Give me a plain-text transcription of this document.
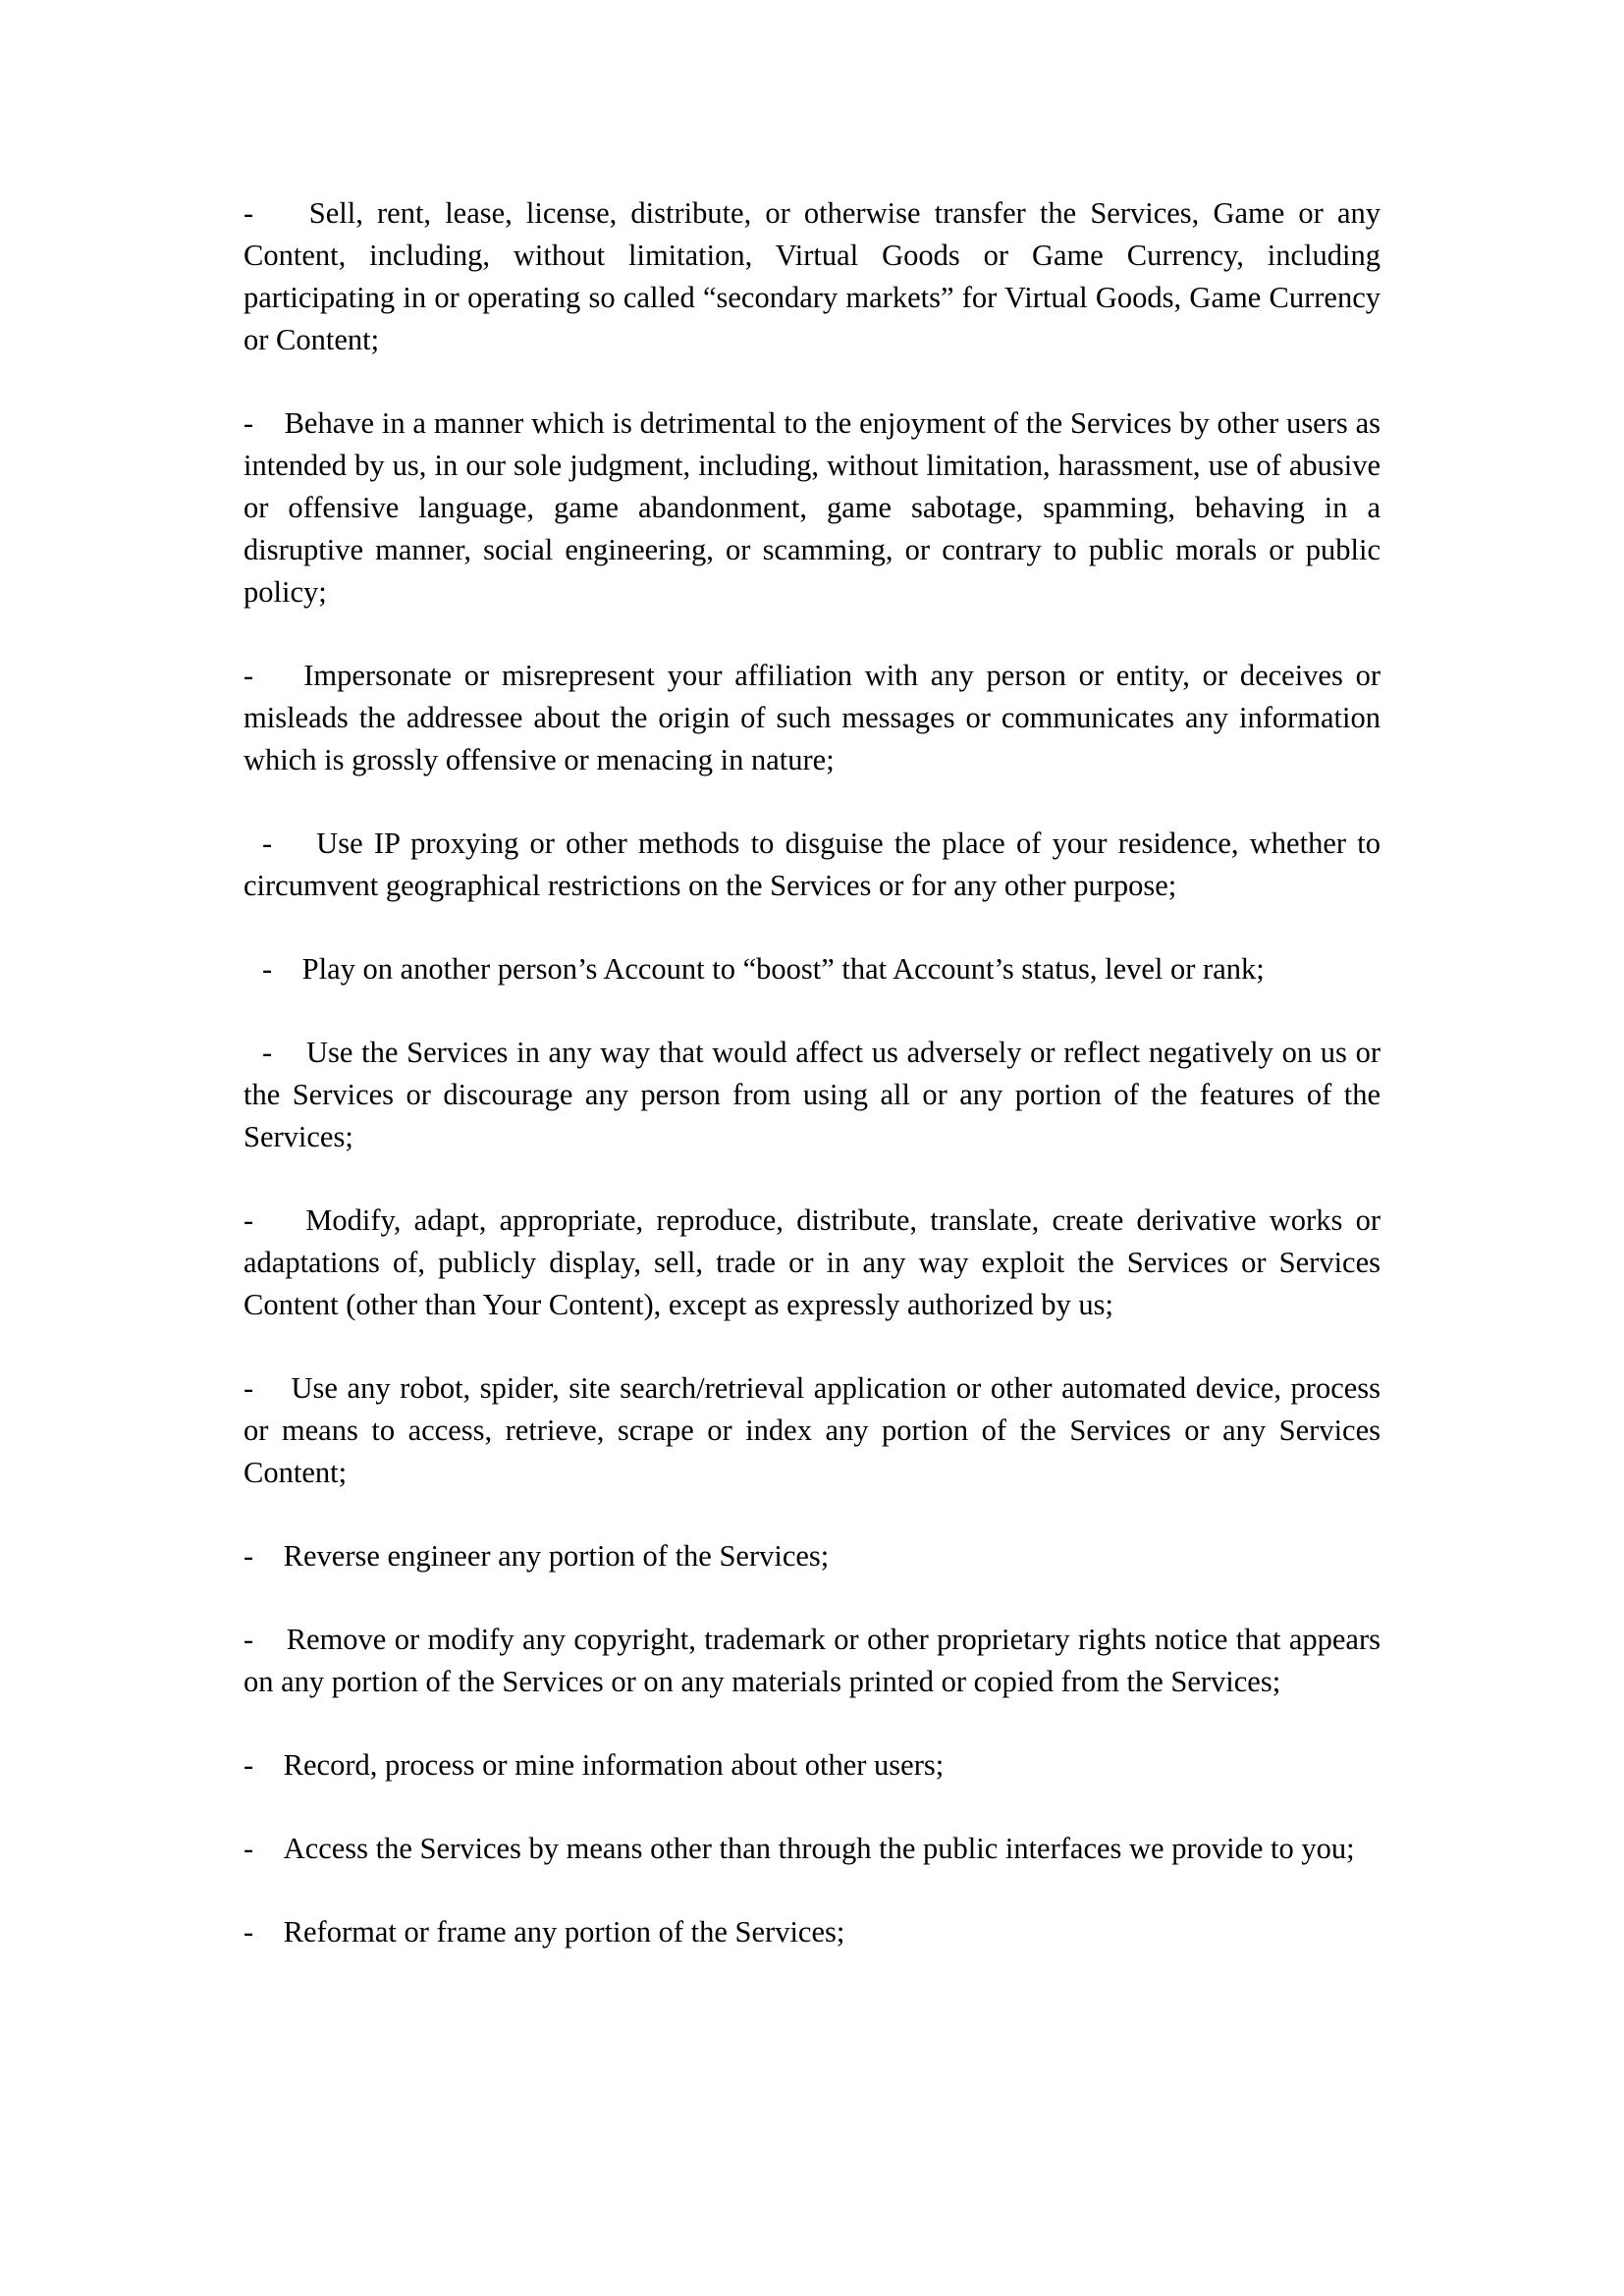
- Sell, rent, lease, license, distribute, or otherwise transfer the Services, Game or any Content, including, without limitation, Virtual Goods or Game Currency, including participating in or operating so called “secondary markets” for Virtual Goods, Game Currency or Content;

- Behave in a manner which is detrimental to the enjoyment of the Services by other users as intended by us, in our sole judgment, including, without limitation, harassment, use of abusive or offensive language, game abandonment, game sabotage, spamming, behaving in a disruptive manner, social engineering, or scamming, or contrary to public morals or public policy;

- Impersonate or misrepresent your affiliation with any person or entity, or deceives or misleads the addressee about the origin of such messages or communicates any information which is grossly offensive or menacing in nature;

- Use IP proxying or other methods to disguise the place of your residence, whether to circumvent geographical restrictions on the Services or for any other purpose;

- Play on another person’s Account to “boost” that Account’s status, level or rank;

- Use the Services in any way that would affect us adversely or reflect negatively on us or the Services or discourage any person from using all or any portion of the features of the Services;

- Modify, adapt, appropriate, reproduce, distribute, translate, create derivative works or adaptations of, publicly display, sell, trade or in any way exploit the Services or Services Content (other than Your Content), except as expressly authorized by us;

- Use any robot, spider, site search/retrieval application or other automated device, process or means to access, retrieve, scrape or index any portion of the Services or any Services Content;

- Reverse engineer any portion of the Services;

- Remove or modify any copyright, trademark or other proprietary rights notice that appears on any portion of the Services or on any materials printed or copied from the Services;

- Record, process or mine information about other users;

- Access the Services by means other than through the public interfaces we provide to you;

- Reformat or frame any portion of the Services;
